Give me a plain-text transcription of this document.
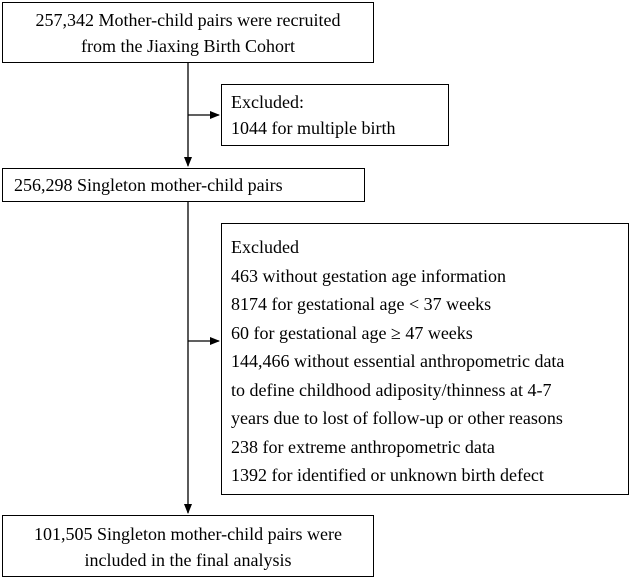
257,342 Mother-child pairs were recruited
from the Jiaxing Birth Cohort
Excluded:
1044 for multiple birth
256,298 Singleton mother-child pairs
Excluded
463 without gestation age information
8174 for gestational age < 37 weeks
60 for gestational age ≥ 47 weeks
144,466 without essential anthropometric data
to define childhood adiposity/thinness at 4-7
years due to lost of follow-up or other reasons
238 for extreme anthropometric data
1392 for identified or unknown birth defect
101,505 Singleton mother-child pairs were
included in the final analysis
